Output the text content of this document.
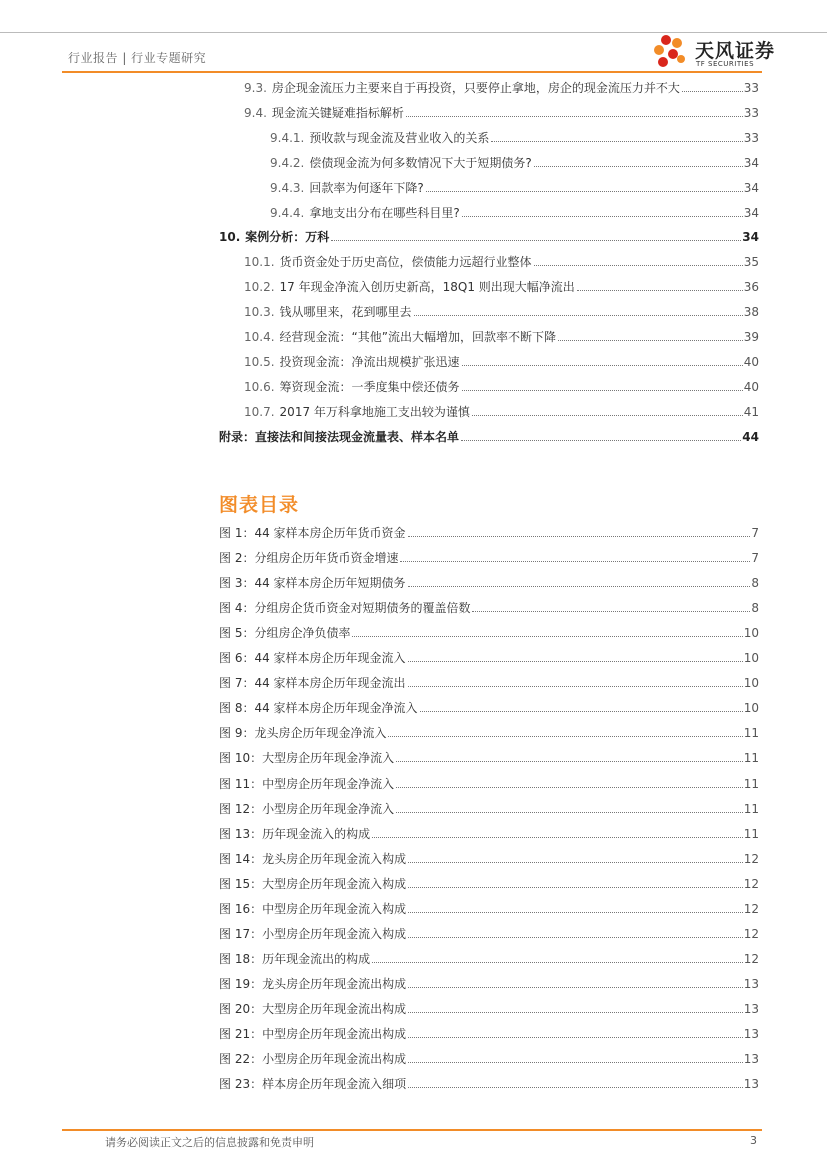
行业报告 | 行业专题研究	天风证券
TF SECURITIES
9.3. 房企现金流压力主要来自于再投资，只要停止拿地，房企的现金流压力并不大	33
9.4. 现金流关键疑难指标解析	33
9.4.1. 预收款与现金流及营业收入的关系	33
9.4.2. 偿债现金流为何多数情况下大于短期债务?	34
9.4.3. 回款率为何逐年下降?	34
9.4.4. 拿地支出分布在哪些科目里?	34
10. 案例分析：万科	34
10.1. 货币资金处于历史高位，偿债能力远超行业整体	35
10.2. 17 年现金净流入创历史新高，18Q1 则出现大幅净流出	36
10.3. 钱从哪里来，花到哪里去	38
10.4. 经营现金流：“其他”流出大幅增加，回款率不断下降	39
10.5. 投资现金流：净流出规模扩张迅速	40
10.6. 筹资现金流：一季度集中偿还债务	40
10.7. 2017 年万科拿地施工支出较为谨慎	41
附录：直接法和间接法现金流量表、样本名单	44
图表目录
图 1：44 家样本房企历年货币资金	7
图 2：分组房企历年货币资金增速	7
图 3：44 家样本房企历年短期债务	8
图 4：分组房企货币资金对短期债务的覆盖倍数	8
图 5：分组房企净负债率	10
图 6：44 家样本房企历年现金流入	10
图 7：44 家样本房企历年现金流出	10
图 8：44 家样本房企历年现金净流入	10
图 9：龙头房企历年现金净流入	11
图 10：大型房企历年现金净流入	11
图 11：中型房企历年现金净流入	11
图 12：小型房企历年现金净流入	11
图 13：历年现金流入的构成	11
图 14：龙头房企历年现金流入构成	12
图 15：大型房企历年现金流入构成	12
图 16：中型房企历年现金流入构成	12
图 17：小型房企历年现金流入构成	12
图 18：历年现金流出的构成	12
图 19：龙头房企历年现金流出构成	13
图 20：大型房企历年现金流出构成	13
图 21：中型房企历年现金流出构成	13
图 22：小型房企历年现金流出构成	13
图 23：样本房企历年现金流入细项	13
请务必阅读正文之后的信息披露和免责申明	3
